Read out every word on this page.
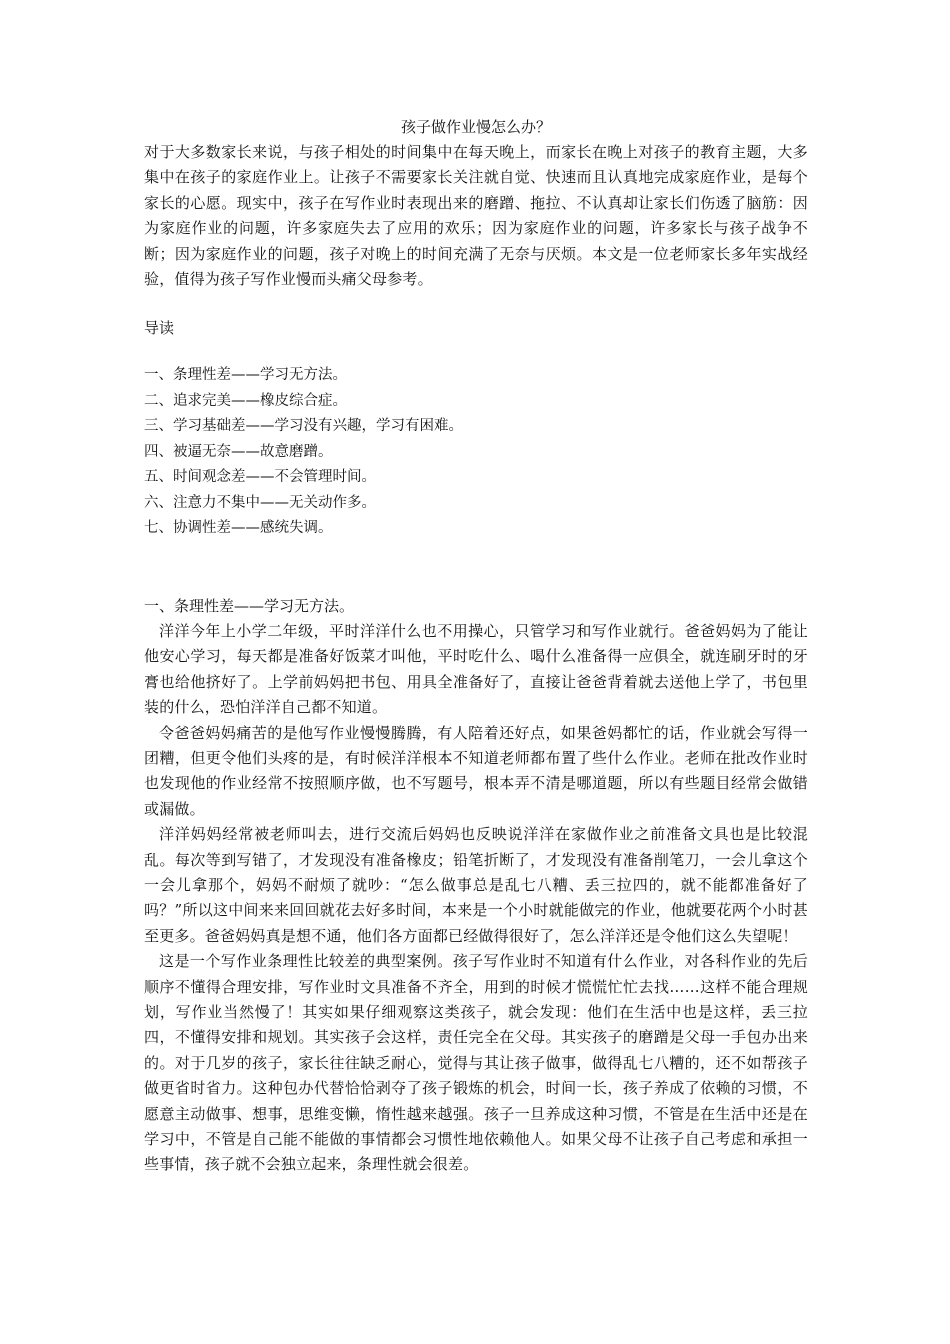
孩子做作业慢怎么办？

对于大多数家长来说，与孩子相处的时间集中在每天晚上，而家长在晚上对孩子的教育主题，大多集中在孩子的家庭作业上。让孩子不需要家长关注就自觉、快速而且认真地完成家庭作业，是每个家长的心愿。现实中，孩子在写作业时表现出来的磨蹭、拖拉、不认真却让家长们伤透了脑筋：因为家庭作业的问题，许多家庭失去了应用的欢乐；因为家庭作业的问题，许多家长与孩子战争不断；因为家庭作业的问题，孩子对晚上的时间充满了无奈与厌烦。本文是一位老师家长多年实战经验，值得为孩子写作业慢而头痛父母参考。

导读
一、条理性差——学习无方法。
二、追求完美——橡皮综合症。
三、学习基础差——学习没有兴趣，学习有困难。
四、被逼无奈——故意磨蹭。
五、时间观念差——不会管理时间。
六、注意力不集中——无关动作多。
七、协调性差——感统失调。
一、条理性差——学习无方法。

洋洋今年上小学二年级，平时洋洋什么也不用操心，只管学习和写作业就行。爸爸妈妈为了能让他安心学习，每天都是准备好饭菜才叫他，平时吃什么、喝什么准备得一应俱全，就连刷牙时的牙膏也给他挤好了。上学前妈妈把书包、用具全准备好了，直接让爸爸背着就去送他上学了，书包里装的什么，恐怕洋洋自己都不知道。

令爸爸妈妈痛苦的是他写作业慢慢腾腾，有人陪着还好点，如果爸妈都忙的话，作业就会写得一团糟，但更令他们头疼的是，有时候洋洋根本不知道老师都布置了些什么作业。老师在批改作业时也发现他的作业经常不按照顺序做，也不写题号，根本弄不清是哪道题，所以有些题目经常会做错或漏做。

洋洋妈妈经常被老师叫去，进行交流后妈妈也反映说洋洋在家做作业之前准备文具也是比较混乱。每次等到写错了，才发现没有准备橡皮；铅笔折断了，才发现没有准备削笔刀，一会儿拿这个一会儿拿那个，妈妈不耐烦了就吵：“怎么做事总是乱七八糟、丢三拉四的，就不能都准备好了吗？”所以这中间来来回回就花去好多时间，本来是一个小时就能做完的作业，他就要花两个小时甚至更多。爸爸妈妈真是想不通，他们各方面都已经做得很好了，怎么洋洋还是令他们这么失望呢！

这是一个写作业条理性比较差的典型案例。孩子写作业时不知道有什么作业，对各科作业的先后顺序不懂得合理安排，写作业时文具准备不齐全，用到的时候才慌慌忙忙去找……这样不能合理规划，写作业当然慢了！其实如果仔细观察这类孩子，就会发现：他们在生活中也是这样，丢三拉四，不懂得安排和规划。其实孩子会这样，责任完全在父母。其实孩子的磨蹭是父母一手包办出来的。对于几岁的孩子，家长往往缺乏耐心，觉得与其让孩子做事，做得乱七八糟的，还不如帮孩子做更省时省力。这种包办代替恰恰剥夺了孩子锻炼的机会，时间一长，孩子养成了依赖的习惯，不愿意主动做事、想事，思维变懒，惰性越来越强。孩子一旦养成这种习惯，不管是在生活中还是在学习中，不管是自己能不能做的事情都会习惯性地依赖他人。如果父母不让孩子自己考虑和承担一些事情，孩子就不会独立起来，条理性就会很差。
